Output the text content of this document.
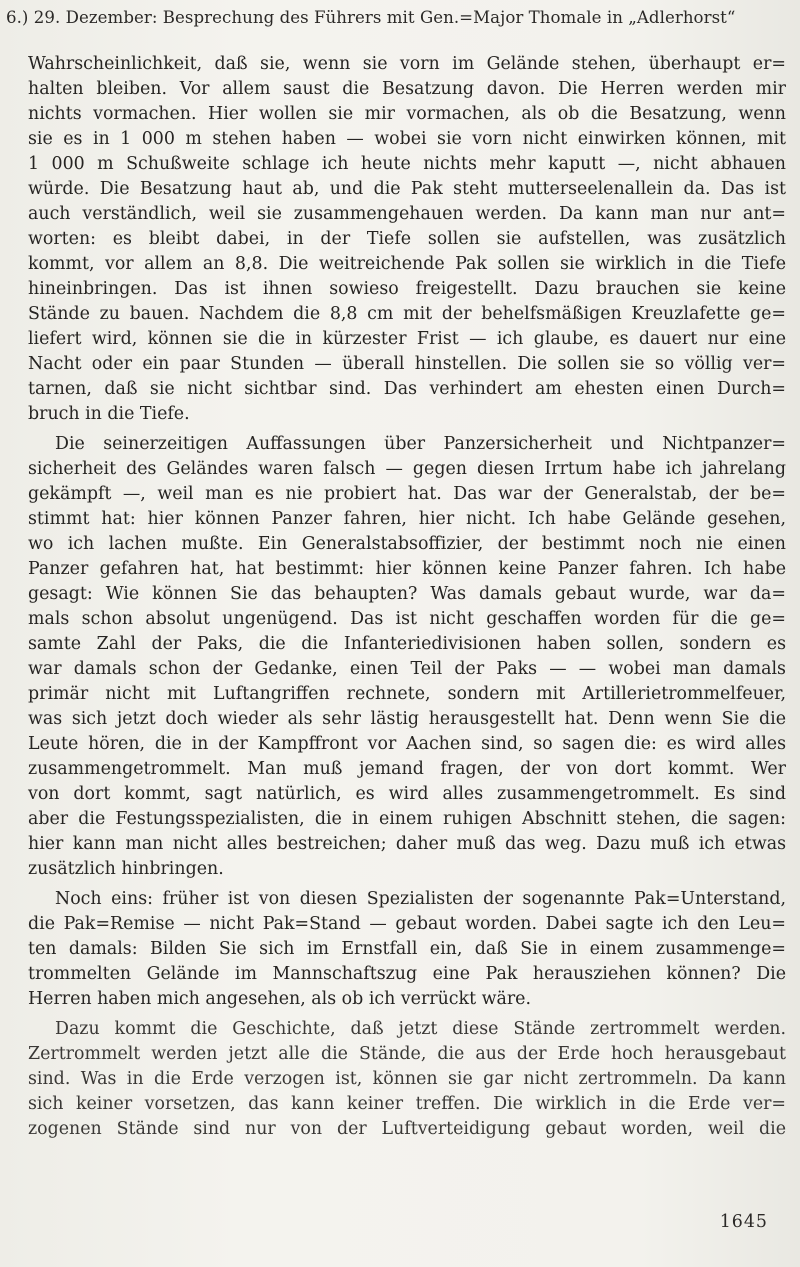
6.) 29. Dezember: Besprechung des Führers mit Gen.=Major Thomale in „Adlerhorst“
Wahrscheinlichkeit, daß sie, wenn sie vorn im Gelände stehen, überhaupt er=
halten bleiben. Vor allem saust die Besatzung davon. Die Herren werden mir
nichts vormachen. Hier wollen sie mir vormachen, als ob die Besatzung, wenn
sie es in 1 000 m stehen haben — wobei sie vorn nicht einwirken können, mit
1 000 m Schußweite schlage ich heute nichts mehr kaputt —, nicht abhauen
würde. Die Besatzung haut ab, und die Pak steht mutterseelenallein da. Das ist
auch verständlich, weil sie zusammengehauen werden. Da kann man nur ant=
worten: es bleibt dabei, in der Tiefe sollen sie aufstellen, was zusätzlich
kommt, vor allem an 8,8. Die weitreichende Pak sollen sie wirklich in die Tiefe
hineinbringen. Das ist ihnen sowieso freigestellt. Dazu brauchen sie keine
Stände zu bauen. Nachdem die 8,8 cm mit der behelfsmäßigen Kreuzlafette ge=
liefert wird, können sie die in kürzester Frist — ich glaube, es dauert nur eine
Nacht oder ein paar Stunden — überall hinstellen. Die sollen sie so völlig ver=
tarnen, daß sie nicht sichtbar sind. Das verhindert am ehesten einen Durch=
bruch in die Tiefe.
Die seinerzeitigen Auffassungen über Panzersicherheit und Nichtpanzer=
sicherheit des Geländes waren falsch — gegen diesen Irrtum habe ich jahrelang
gekämpft —, weil man es nie probiert hat. Das war der Generalstab, der be=
stimmt hat: hier können Panzer fahren, hier nicht. Ich habe Gelände gesehen,
wo ich lachen mußte. Ein Generalstabsoffizier, der bestimmt noch nie einen
Panzer gefahren hat, hat bestimmt: hier können keine Panzer fahren. Ich habe
gesagt: Wie können Sie das behaupten? Was damals gebaut wurde, war da=
mals schon absolut ungenügend. Das ist nicht geschaffen worden für die ge=
samte Zahl der Paks, die die Infanteriedivisionen haben sollen, sondern es
war damals schon der Gedanke, einen Teil der Paks — — wobei man damals
primär nicht mit Luftangriffen rechnete, sondern mit Artillerietrommelfeuer,
was sich jetzt doch wieder als sehr lästig herausgestellt hat. Denn wenn Sie die
Leute hören, die in der Kampffront vor Aachen sind, so sagen die: es wird alles
zusammengetrommelt. Man muß jemand fragen, der von dort kommt. Wer
von dort kommt, sagt natürlich, es wird alles zusammengetrommelt. Es sind
aber die Festungsspezialisten, die in einem ruhigen Abschnitt stehen, die sagen:
hier kann man nicht alles bestreichen; daher muß das weg. Dazu muß ich etwas
zusätzlich hinbringen.
Noch eins: früher ist von diesen Spezialisten der sogenannte Pak=Unterstand,
die Pak=Remise — nicht Pak=Stand — gebaut worden. Dabei sagte ich den Leu=
ten damals: Bilden Sie sich im Ernstfall ein, daß Sie in einem zusammenge=
trommelten Gelände im Mannschaftszug eine Pak herausziehen können? Die
Herren haben mich angesehen, als ob ich verrückt wäre.
Dazu kommt die Geschichte, daß jetzt diese Stände zertrommelt werden.
Zertrommelt werden jetzt alle die Stände, die aus der Erde hoch herausgebaut
sind. Was in die Erde verzogen ist, können sie gar nicht zertrommeln. Da kann
sich keiner vorsetzen, das kann keiner treffen. Die wirklich in die Erde ver=
zogenen Stände sind nur von der Luftverteidigung gebaut worden, weil die
1645
